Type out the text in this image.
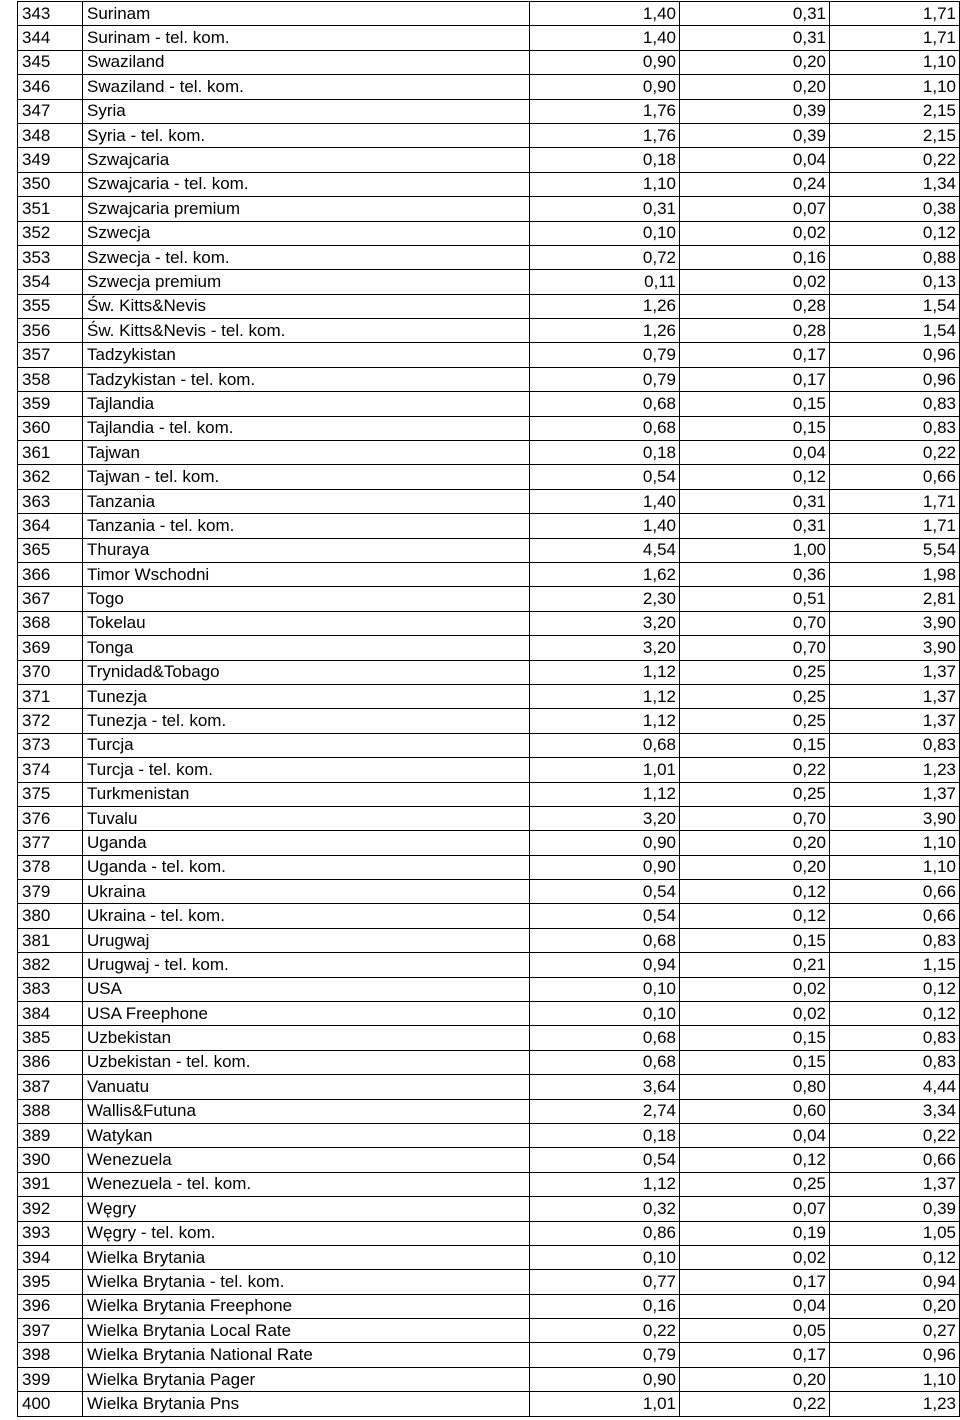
343	Surinam	1,40	0,31	1,71
344	Surinam - tel. kom.	1,40	0,31	1,71
345	Swaziland	0,90	0,20	1,10
346	Swaziland - tel. kom.	0,90	0,20	1,10
347	Syria	1,76	0,39	2,15
348	Syria - tel. kom.	1,76	0,39	2,15
349	Szwajcaria	0,18	0,04	0,22
350	Szwajcaria - tel. kom.	1,10	0,24	1,34
351	Szwajcaria premium	0,31	0,07	0,38
352	Szwecja	0,10	0,02	0,12
353	Szwecja - tel. kom.	0,72	0,16	0,88
354	Szwecja premium	0,11	0,02	0,13
355	Św. Kitts&Nevis	1,26	0,28	1,54
356	Św. Kitts&Nevis - tel. kom.	1,26	0,28	1,54
357	Tadzykistan	0,79	0,17	0,96
358	Tadzykistan - tel. kom.	0,79	0,17	0,96
359	Tajlandia	0,68	0,15	0,83
360	Tajlandia - tel. kom.	0,68	0,15	0,83
361	Tajwan	0,18	0,04	0,22
362	Tajwan - tel. kom.	0,54	0,12	0,66
363	Tanzania	1,40	0,31	1,71
364	Tanzania - tel. kom.	1,40	0,31	1,71
365	Thuraya	4,54	1,00	5,54
366	Timor Wschodni	1,62	0,36	1,98
367	Togo	2,30	0,51	2,81
368	Tokelau	3,20	0,70	3,90
369	Tonga	3,20	0,70	3,90
370	Trynidad&Tobago	1,12	0,25	1,37
371	Tunezja	1,12	0,25	1,37
372	Tunezja - tel. kom.	1,12	0,25	1,37
373	Turcja	0,68	0,15	0,83
374	Turcja - tel. kom.	1,01	0,22	1,23
375	Turkmenistan	1,12	0,25	1,37
376	Tuvalu	3,20	0,70	3,90
377	Uganda	0,90	0,20	1,10
378	Uganda - tel. kom.	0,90	0,20	1,10
379	Ukraina	0,54	0,12	0,66
380	Ukraina - tel. kom.	0,54	0,12	0,66
381	Urugwaj	0,68	0,15	0,83
382	Urugwaj - tel. kom.	0,94	0,21	1,15
383	USA	0,10	0,02	0,12
384	USA Freephone	0,10	0,02	0,12
385	Uzbekistan	0,68	0,15	0,83
386	Uzbekistan - tel. kom.	0,68	0,15	0,83
387	Vanuatu	3,64	0,80	4,44
388	Wallis&Futuna	2,74	0,60	3,34
389	Watykan	0,18	0,04	0,22
390	Wenezuela	0,54	0,12	0,66
391	Wenezuela - tel. kom.	1,12	0,25	1,37
392	Węgry	0,32	0,07	0,39
393	Węgry - tel. kom.	0,86	0,19	1,05
394	Wielka Brytania	0,10	0,02	0,12
395	Wielka Brytania - tel. kom.	0,77	0,17	0,94
396	Wielka Brytania Freephone	0,16	0,04	0,20
397	Wielka Brytania Local Rate	0,22	0,05	0,27
398	Wielka Brytania National Rate	0,79	0,17	0,96
399	Wielka Brytania Pager	0,90	0,20	1,10
400	Wielka Brytania Pns	1,01	0,22	1,23
